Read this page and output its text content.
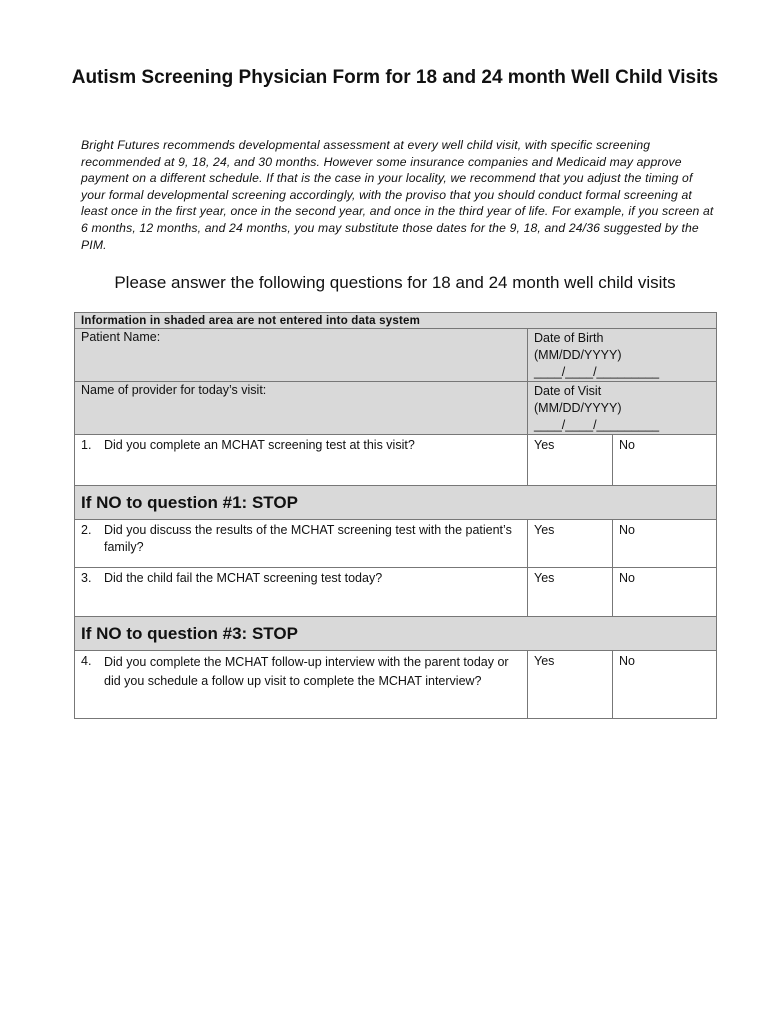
Autism Screening Physician Form for 18 and 24 month Well Child Visits
Bright Futures recommends developmental assessment at every well child visit, with specific screening recommended at 9, 18, 24, and 30 months. However some insurance companies and Medicaid may approve payment on a different schedule. If that is the case in your locality, we recommend that you adjust the timing of your formal developmental screening accordingly, with the proviso that you should conduct formal screening at least once in the first year, once in the second year, and once in the third year of life. For example, if you screen at 6 months, 12 months, and 24 months, you may substitute those dates for the 9, 18, and 24/36 suggested by the PIM.
Please answer the following questions for 18 and 24 month well child visits
Information in shaded area are not entered into data system		
Patient Name:	Date of Birth
(MM/DD/YYYY)
____/____/_________	

Name of provider for today’s visit:	Date of Visit
(MM/DD/YYYY)
____/____/_________	

1. Did you complete an MCHAT screening test at this visit?	Yes	No
If NO to question #1: STOP		

2. Did you discuss the results of the MCHAT screening test with the patient’s family?	Yes	No

3. Did the child fail the MCHAT screening test today?	Yes	No
If NO to question #3: STOP		

4. Did you complete the MCHAT follow-up interview with the parent today or did you schedule a follow up visit to complete the MCHAT interview?	Yes	No
